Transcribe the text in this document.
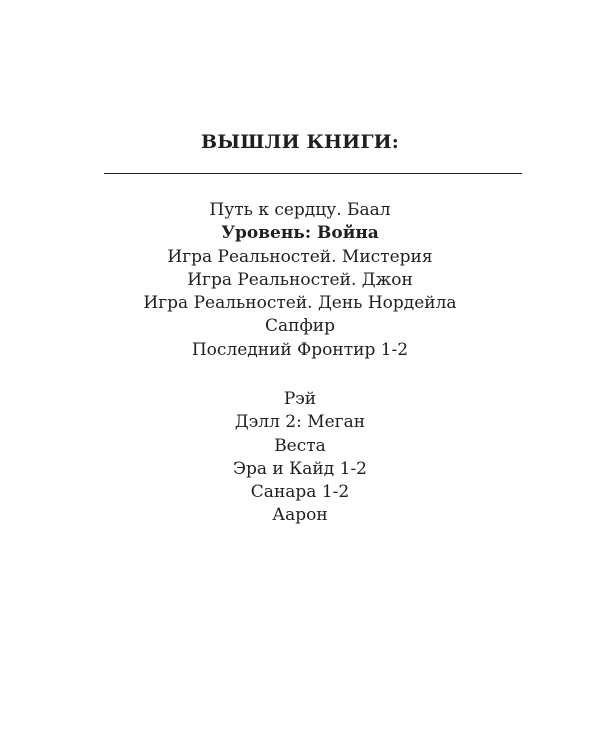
ВЫШЛИ КНИГИ:
Путь к сердцу. Баал
Уровень: Война
Игра Реальностей. Мистерия
Игра Реальностей. Джон
Игра Реальностей. День Нордейла
Сапфир
Последний Фронтир 1-2
Рэй
Дэлл 2: Меган
Веста
Эра и Кайд 1-2
Санара 1-2
Аарон
